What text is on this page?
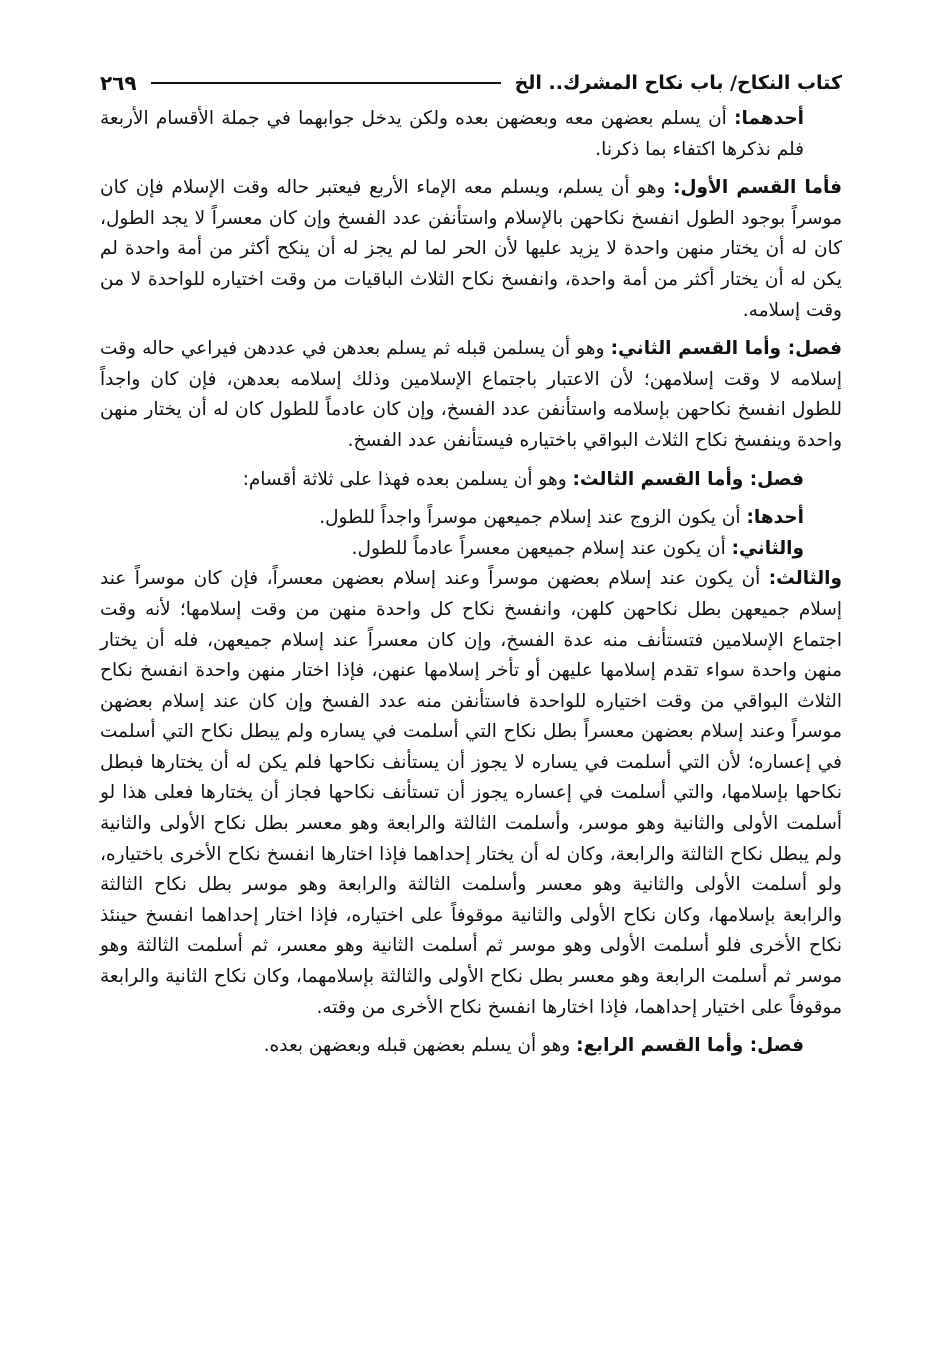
كتاب النكاح/ باب نكاح المشرك.. الخ
٢٦٩

أحدهما: أن يسلم بعضهن معه وبعضهن بعده ولكن يدخل جوابهما في جملة الأقسام الأربعة فلم نذكرها اكتفاء بما ذكرنا.

فأما القسم الأول: وهو أن يسلم، ويسلم معه الإماء الأربع فيعتبر حاله وقت الإسلام فإن كان موسراً بوجود الطول انفسخ نكاحهن بالإسلام واستأنفن عدد الفسخ وإن كان معسراً لا يجد الطول، كان له أن يختار منهن واحدة لا يزيد عليها لأن الحر لما لم يجز له أن ينكح أكثر من أمة واحدة لم يكن له أن يختار أكثر من أمة واحدة، وانفسخ نكاح الثلاث الباقيات من وقت اختياره للواحدة لا من وقت إسلامه.

فصل: وأما القسم الثاني: وهو أن يسلمن قبله ثم يسلم بعدهن في عددهن فيراعي حاله وقت إسلامه لا وقت إسلامهن؛ لأن الاعتبار باجتماع الإسلامين وذلك إسلامه بعدهن، فإن كان واجداً للطول انفسخ نكاحهن بإسلامه واستأنفن عدد الفسخ، وإن كان عادماً للطول كان له أن يختار منهن واحدة وينفسخ نكاح الثلاث البواقي باختياره فيستأنفن عدد الفسخ.

فصل: وأما القسم الثالث: وهو أن يسلمن بعده فهذا على ثلاثة أقسام:

أحدها: أن يكون الزوج عند إسلام جميعهن موسراً واجداً للطول.

والثاني: أن يكون عند إسلام جميعهن معسراً عادماً للطول.

والثالث: أن يكون عند إسلام بعضهن موسراً وعند إسلام بعضهن معسراً، فإن كان موسراً عند إسلام جميعهن بطل نكاحهن كلهن، وانفسخ نكاح كل واحدة منهن من وقت إسلامها؛ لأنه وقت اجتماع الإسلامين فتستأنف منه عدة الفسخ، وإن كان معسراً عند إسلام جميعهن، فله أن يختار منهن واحدة سواء تقدم إسلامها عليهن أو تأخر إسلامها عنهن، فإذا اختار منهن واحدة انفسخ نكاح الثلاث البواقي من وقت اختياره للواحدة فاستأنفن منه عدد الفسخ وإن كان عند إسلام بعضهن موسراً وعند إسلام بعضهن معسراً بطل نكاح التي أسلمت في يساره ولم يبطل نكاح التي أسلمت في إعساره؛ لأن التي أسلمت في يساره لا يجوز أن يستأنف نكاحها فلم يكن له أن يختارها فبطل نكاحها بإسلامها، والتي أسلمت في إعساره يجوز أن تستأنف نكاحها فجاز أن يختارها فعلى هذا لو أسلمت الأولى والثانية وهو موسر، وأسلمت الثالثة والرابعة وهو معسر بطل نكاح الأولى والثانية ولم يبطل نكاح الثالثة والرابعة، وكان له أن يختار إحداهما فإذا اختارها انفسخ نكاح الأخرى باختياره، ولو أسلمت الأولى والثانية وهو معسر وأسلمت الثالثة والرابعة وهو موسر بطل نكاح الثالثة والرابعة بإسلامها، وكان نكاح الأولى والثانية موقوفاً على اختياره، فإذا اختار إحداهما انفسخ حينئذ نكاح الأخرى فلو أسلمت الأولى وهو موسر ثم أسلمت الثانية وهو معسر، ثم أسلمت الثالثة وهو موسر ثم أسلمت الرابعة وهو معسر بطل نكاح الأولى والثالثة بإسلامهما، وكان نكاح الثانية والرابعة موقوفاً على اختيار إحداهما، فإذا اختارها انفسخ نكاح الأخرى من وقته.

فصل: وأما القسم الرابع: وهو أن يسلم بعضهن قبله وبعضهن بعده.
